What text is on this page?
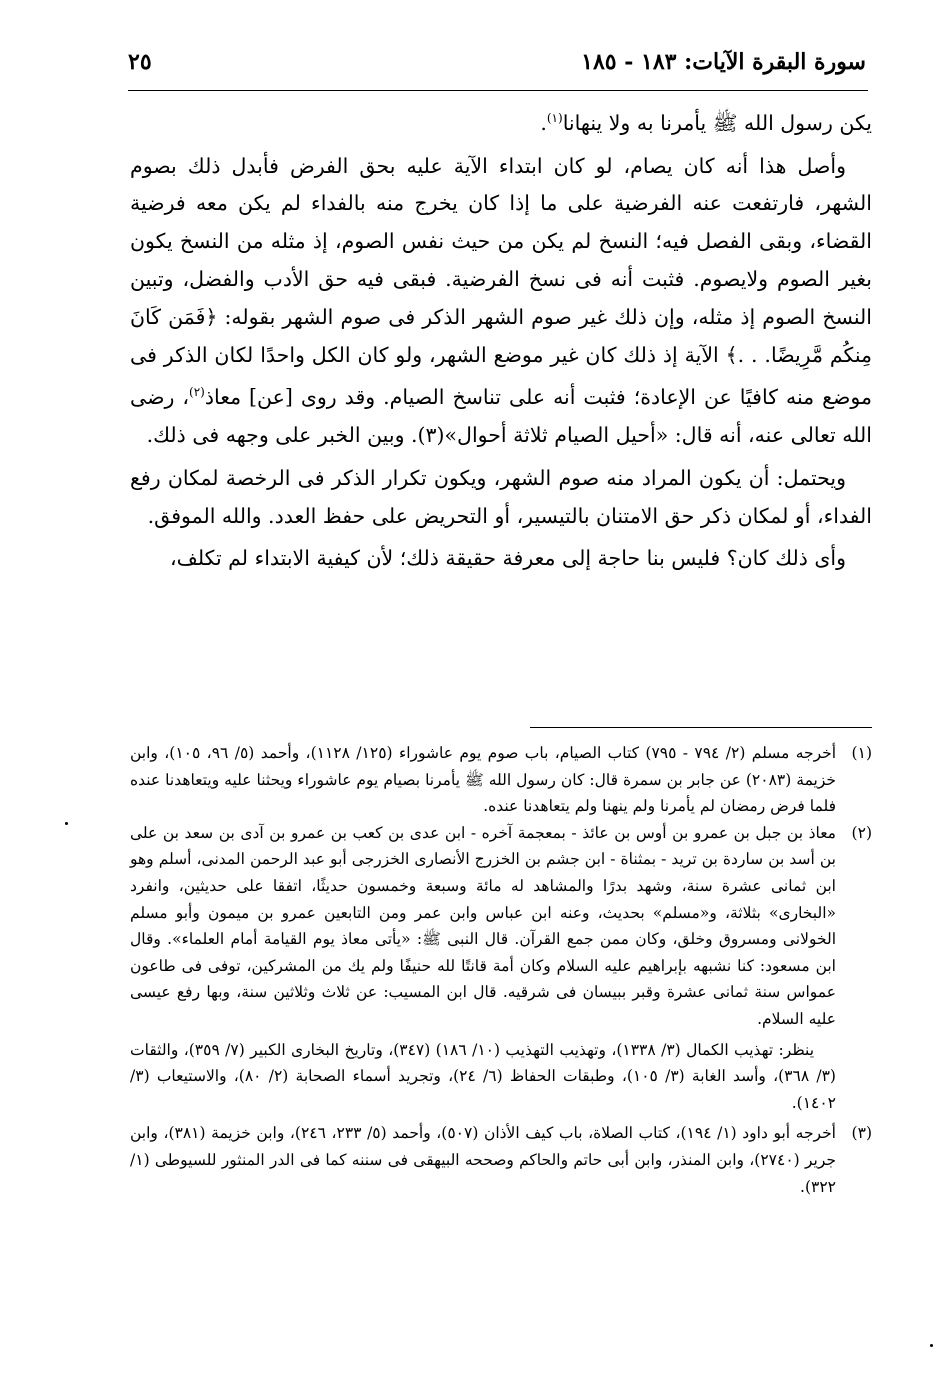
سورة البقرة الآيات: ١٨٣ - ١٨٥
٢٥

يكن رسول الله ﷺ يأمرنا به ولا ينهانا$^{(١)}$.

وأصل هذا أنه كان يصام، لو كان ابتداء الآية عليه بحق الفرض فأبدل ذلك بصوم الشهر، فارتفعت عنه الفرضية على ما إذا كان يخرج منه بالفداء لم يكن معه فرضية القضاء، وبقى الفصل فيه؛ النسخ لم يكن من حيث نفس الصوم، إذ مثله من النسخ يكون بغير الصوم ولايصوم. فثبت أنه فى نسخ الفرضية. فبقى فيه حق الأدب والفضل، وتبين النسخ الصوم إذ مثله، وإن ذلك غير صوم الشهر الذكر فى صوم الشهر بقوله: ﴿فَمَن كَانَ مِنكُم مَّرِيضًا. . .﴾ الآية إذ ذلك كان غير موضع الشهر، ولو كان الكل واحدًا لكان الذكر فى موضع منه كافيًا عن الإعادة؛ فثبت أنه على تناسخ الصيام. وقد روى [عن] معاذ$^{(٢)}$، رضى الله تعالى عنه، أنه قال: «أحيل الصيام ثلاثة أحوال»(٣). وبين الخبر على وجهه فى ذلك.

ويحتمل: أن يكون المراد منه صوم الشهر، ويكون تكرار الذكر فى الرخصة لمكان رفع الفداء، أو لمكان ذكر حق الامتنان بالتيسير، أو التحريض على حفظ العدد. والله الموفق.

وأى ذلك كان؟ فليس بنا حاجة إلى معرفة حقيقة ذلك؛ لأن كيفية الابتداء لم تكلف،

(١)
أخرجه مسلم (٢/ ٧٩٤ - ٧٩٥) كتاب الصيام، باب صوم يوم عاشوراء (١٢٥/ ١١٢٨)، وأحمد (٥/ ٩٦، ١٠٥)، وابن خزيمة (٢٠٨٣) عن جابر بن سمرة قال: كان رسول الله ﷺ يأمرنا بصيام يوم عاشوراء ويحثنا عليه ويتعاهدنا عنده فلما فرض رمضان لم يأمرنا ولم ينهنا ولم يتعاهدنا عنده.
(٢)
معاذ بن جبل بن عمرو بن أوس بن عائذ - بمعجمة آخره - ابن عدى بن كعب بن عمرو بن آدى بن سعد بن على بن أسد بن ساردة بن تريد - بمثناة - ابن جشم بن الخزرج الأنصارى الخزرجى أبو عبد الرحمن المدنى، أسلم وهو ابن ثمانى عشرة سنة، وشهد بدرًا والمشاهد له مائة وسبعة وخمسون حديثًا، اتفقا على حديثين، وانفرد «البخارى» بثلاثة، و«مسلم» بحديث، وعنه ابن عباس وابن عمر ومن التابعين عمرو بن ميمون وأبو مسلم الخولانى ومسروق وخلق، وكان ممن جمع القرآن. قال النبى ﷺ: «يأتى معاذ يوم القيامة أمام العلماء». وقال ابن مسعود: كنا نشبهه بإبراهيم عليه السلام وكان أمة قانتًا لله حنيفًا ولم يك من المشركين، توفى فى طاعون عمواس سنة ثمانى عشرة وقبر ببيسان فى شرقيه. قال ابن المسيب: عن ثلاث وثلاثين سنة، وبها رفع عيسى عليه السلام.
ينظر: تهذيب الكمال (٣/ ١٣٣٨)، وتهذيب التهذيب (١٠/ ١٨٦) (٣٤٧)، وتاريخ البخارى الكبير (٧/ ٣٥٩)، والثقات (٣/ ٣٦٨)، وأسد الغابة (٣/ ١٠٥)، وطبقات الحفاظ (٦/ ٢٤)، وتجريد أسماء الصحابة (٢/ ٨٠)، والاستيعاب (٣/ ١٤٠٢).
(٣)
أخرجه أبو داود (١/ ١٩٤)، كتاب الصلاة، باب كيف الأذان (٥٠٧)، وأحمد (٥/ ٢٣٣، ٢٤٦)، وابن خزيمة (٣٨١)، وابن جرير (٢٧٤٠)، وابن المنذر، وابن أبى حاتم والحاكم وصححه البيهقى فى سننه كما فى الدر المنثور للسيوطى (١/ ٣٢٢).
